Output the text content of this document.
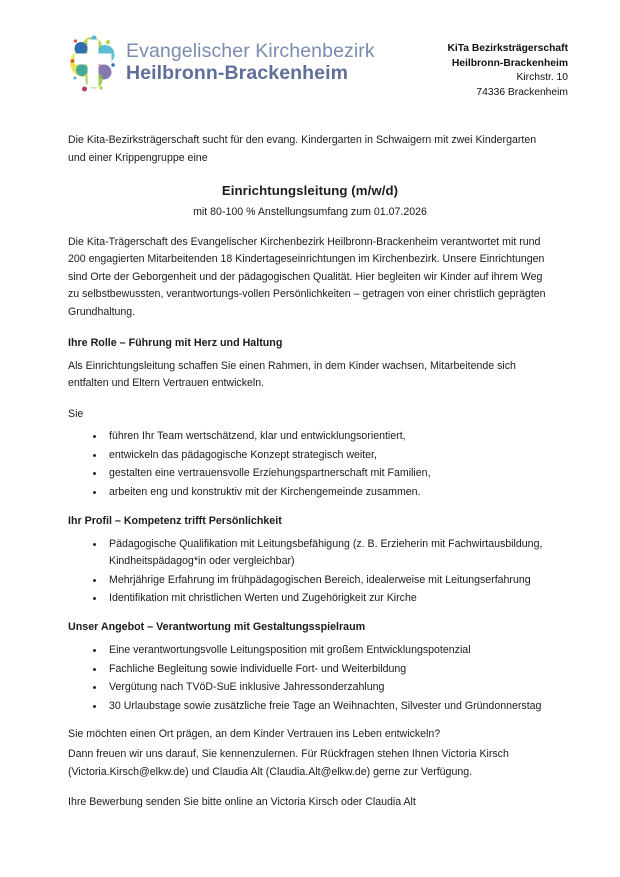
Evangelischer Kirchenbezirk
Heilbronn-Brackenheim
KiTa Bezirksträgerschaft
Heilbronn-Brackenheim
Kirchstr. 10
74336 Brackenheim

Die Kita-Bezirksträgerschaft sucht für den evang. Kindergarten in Schwaigern mit zwei Kindergarten und einer Krippengruppe eine

Einrichtungsleitung (m/w/d)
mit 80-100 % Anstellungsumfang zum 01.07.2026

Die Kita-Trägerschaft des Evangelischer Kirchenbezirk Heilbronn-Brackenheim verantwortet mit rund 200 engagierten Mitarbeitenden 18 Kindertageseinrichtungen im Kirchenbezirk. Unsere Einrichtungen sind Orte der Geborgenheit und der pädagogischen Qualität. Hier begleiten wir Kinder auf ihrem Weg zu selbstbewussten, verantwortungs-vollen Persönlichkeiten – getragen von einer christlich geprägten Grundhaltung.

Ihre Rolle – Führung mit Herz und Haltung

Als Einrichtungsleitung schaffen Sie einen Rahmen, in dem Kinder wachsen, Mitarbeitende sich entfalten und Eltern Vertrauen entwickeln.

Sie

führen Ihr Team wertschätzend, klar und entwicklungsorientiert,
entwickeln das pädagogische Konzept strategisch weiter,
gestalten eine vertrauensvolle Erziehungspartnerschaft mit Familien,
arbeiten eng und konstruktiv mit der Kirchengemeinde zusammen.
Ihr Profil – Kompetenz trifft Persönlichkeit
Pädagogische Qualifikation mit Leitungsbefähigung (z. B. Erzieherin mit Fachwirtausbildung, Kindheitspädagog*in oder vergleichbar)
Mehrjährige Erfahrung im frühpädagogischen Bereich, idealerweise mit Leitungserfahrung
Identifikation mit christlichen Werten und Zugehörigkeit zur Kirche
Unser Angebot – Verantwortung mit Gestaltungsspielraum
Eine verantwortungsvolle Leitungsposition mit großem Entwicklungspotenzial
Fachliche Begleitung sowie individuelle Fort- und Weiterbildung
Vergütung nach TVöD-SuE inklusive Jahressonderzahlung
30 Urlaubstage sowie zusätzliche freie Tage an Weihnachten, Silvester und Gründonnerstag

Sie möchten einen Ort prägen, an dem Kinder Vertrauen ins Leben entwickeln?

Dann freuen wir uns darauf, Sie kennenzulernen. Für Rückfragen stehen Ihnen Victoria Kirsch (Victoria.Kirsch@elkw.de) und Claudia Alt (Claudia.Alt@elkw.de) gerne zur Verfügung.

Ihre Bewerbung senden Sie bitte online an Victoria Kirsch oder Claudia Alt
